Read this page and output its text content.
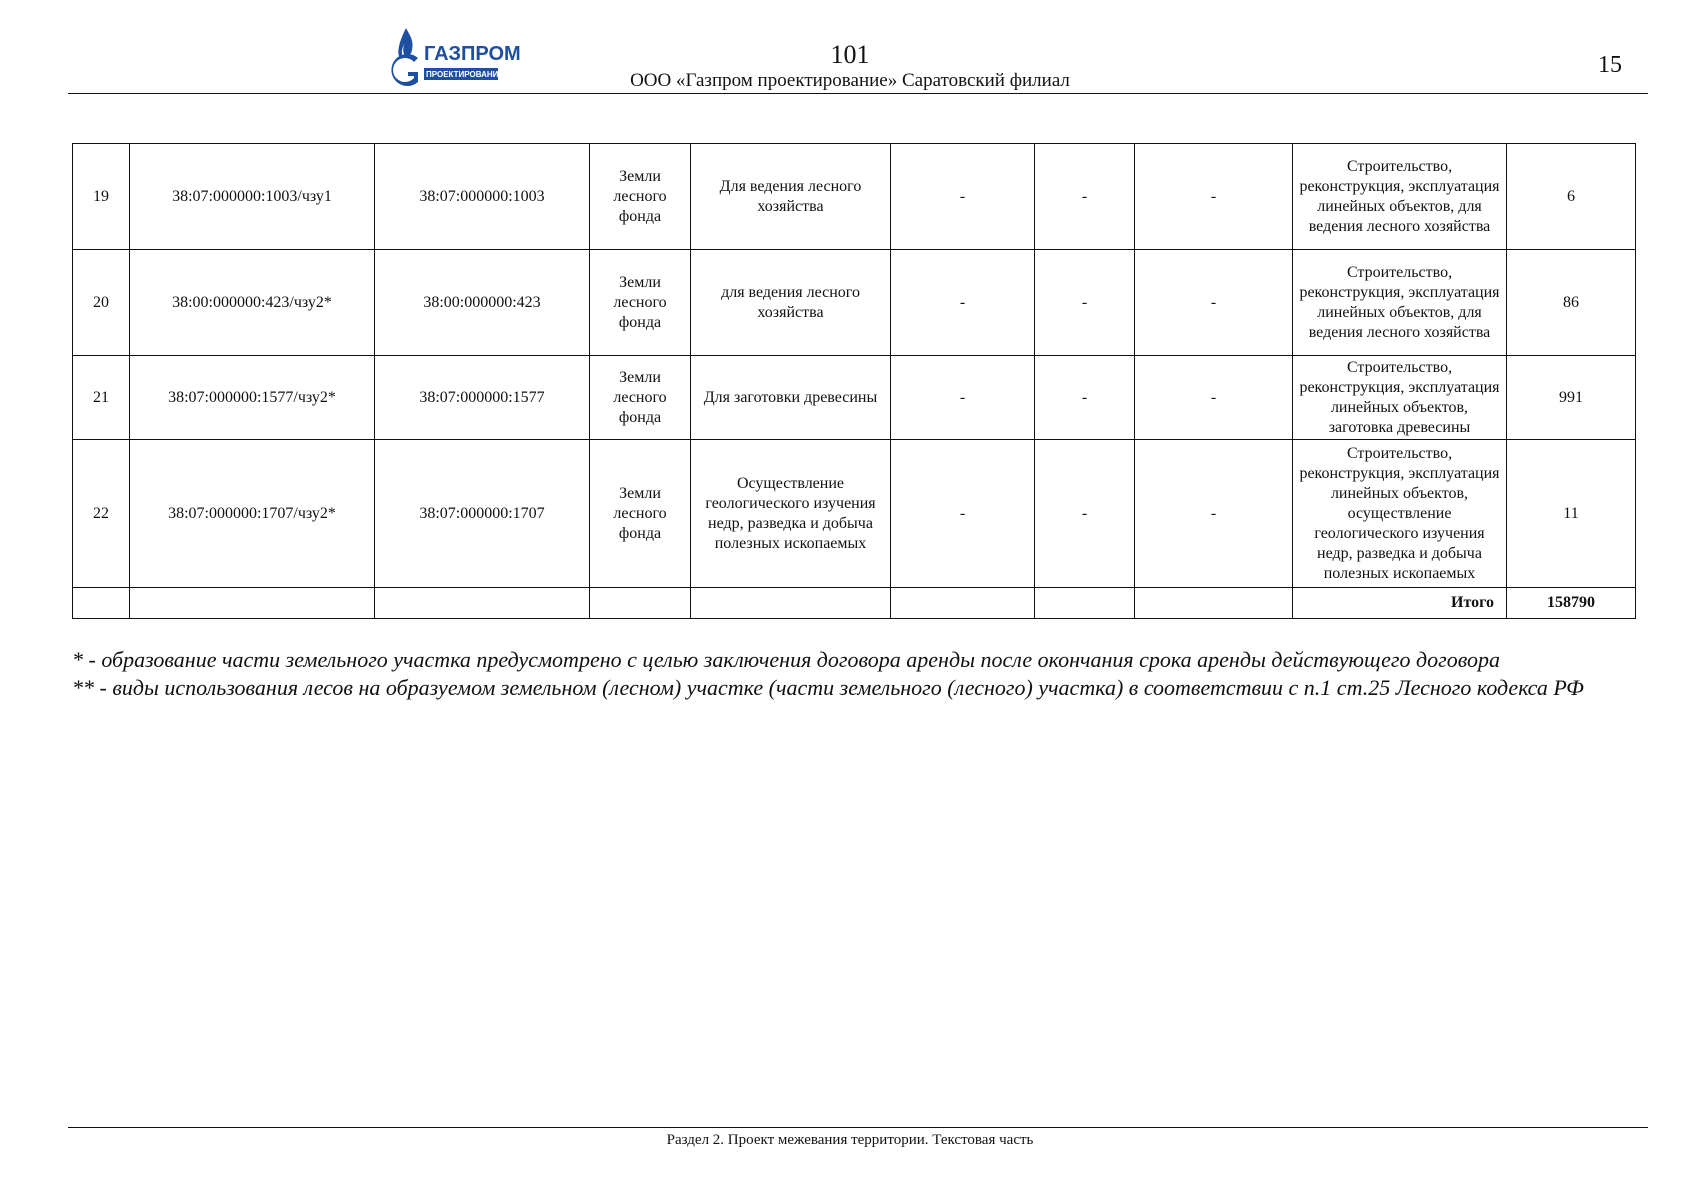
ГАЗПРОМ
ПРОЕКТИРОВАНИЕ
101
ООО «Газпром проектирование» Саратовский филиал
15
19	38:07:000000:1003/чзу1	38:07:000000:1003	Земли лесного фонда	Для ведения лесного хозяйства	-	-	-	Строительство, реконструкция, эксплуатация линейных объектов, для ведения лесного хозяйства	6
20	38:00:000000:423/чзу2*	38:00:000000:423	Земли лесного фонда	для ведения лесного хозяйства	-	-	-	Строительство, реконструкция, эксплуатация линейных объектов, для ведения лесного хозяйства	86
21	38:07:000000:1577/чзу2*	38:07:000000:1577	Земли лесного фонда	Для заготовки древесины	-	-	-	Строительство, реконструкция, эксплуатация линейных объектов, заготовка древесины	991
22	38:07:000000:1707/чзу2*	38:07:000000:1707	Земли лесного фонда	Осуществление геологического изучения недр, разведка и добыча полезных ископаемых	-	-	-	Строительство, реконструкция, эксплуатация линейных объектов, осуществление геологического изучения недр, разведка и добыча полезных ископаемых	11
								Итого	158790

* - образование части земельного участка предусмотрено с целью заключения договора аренды после окончания срока аренды действующего договора

** - виды использования лесов на образуемом земельном (лесном) участке (части земельного (лесного) участка) в соответствии с п.1 ст.25 Лесного кодекса РФ

Раздел 2. Проект межевания территории. Текстовая часть
